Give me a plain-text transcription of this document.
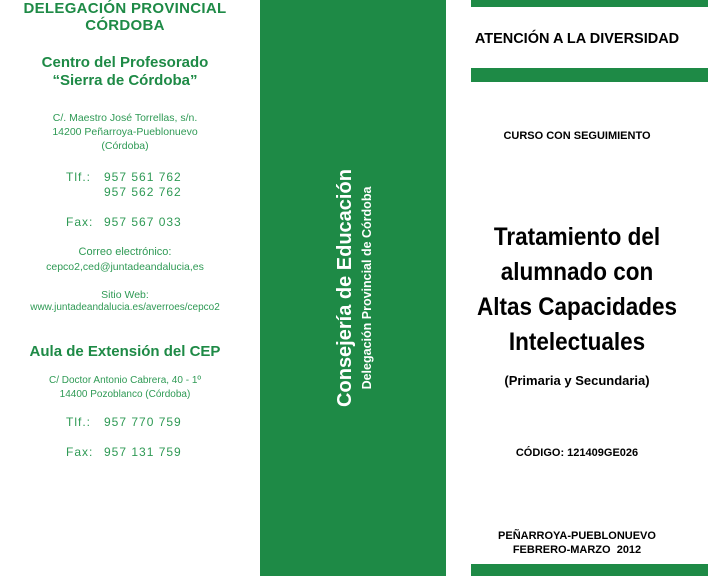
DELEGACIÓN PROVINCIAL
CÓRDOBA
Centro del Profesorado
“Sierra de Córdoba”
C/. Maestro José Torrellas, s/n.
14200 Peñarroya-Pueblonuevo
(Córdoba)
Tlf.: 957 561 762
957 562 762
Fax: 957 567 033
Correo electrónico:
cepco2,ced@juntadeandalucia,es
Sitio Web:
www.juntadeandalucia.es/averroes/cepco2
Aula de Extensión del CEP
C/ Doctor Antonio Cabrera, 40 - 1º
14400 Pozoblanco (Córdoba)
Tlf.: 957 770 759
Fax: 957 131 759
Consejería de Educación Delegación Provincial de Córdoba
ATENCIÓN A LA DIVERSIDAD
CURSO CON SEGUIMIENTO
Tratamiento del
alumnado con
Altas Capacidades
Intelectuales
(Primaria y Secundaria)
CÓDIGO: 121409GE026
PEÑARROYA-PUEBLONUEVO
FEBRERO-MARZO  2012
